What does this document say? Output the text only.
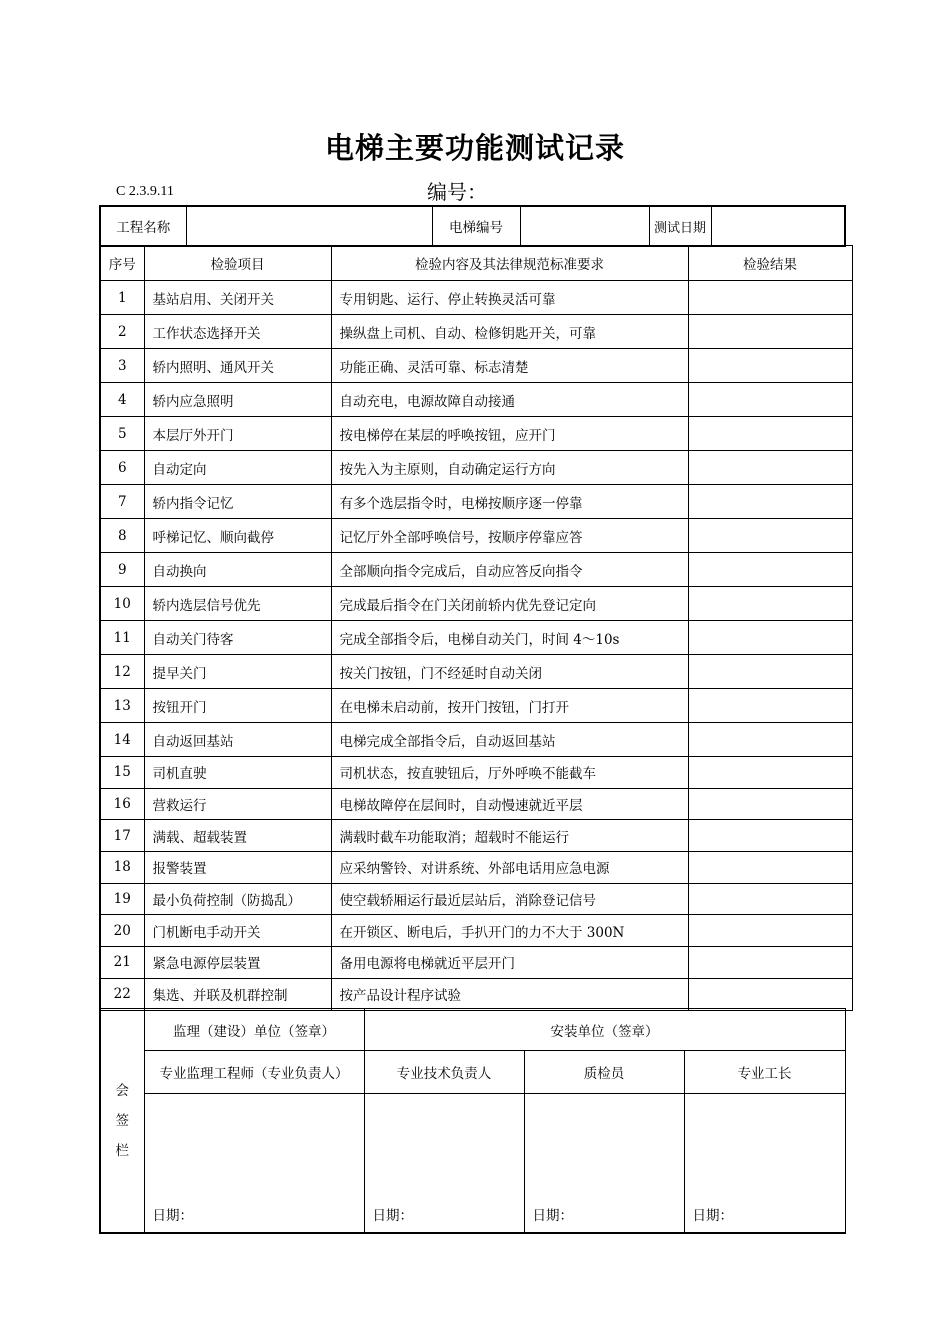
电梯主要功能测试记录
C 2.3.9.11	编号：
工程名称		电梯编号		测试日期	
序号	检验项目	检验内容及其法律规范标准要求	检验结果
1	基站启用、关闭开关	专用钥匙、运行、停止转换灵活可靠	
2	工作状态选择开关	操纵盘上司机、自动、检修钥匙开关，可靠	
3	轿内照明、通风开关	功能正确、灵活可靠、标志清楚	
4	轿内应急照明	自动充电，电源故障自动接通	
5	本层厅外开门	按电梯停在某层的呼唤按钮，应开门	
6	自动定向	按先入为主原则，自动确定运行方向	
7	轿内指令记忆	有多个选层指令时，电梯按顺序逐一停靠	
8	呼梯记忆、顺向截停	记忆厅外全部呼唤信号，按顺序停靠应答	
9	自动换向	全部顺向指令完成后，自动应答反向指令	
10	轿内选层信号优先	完成最后指令在门关闭前轿内优先登记定向	
11	自动关门待客	完成全部指令后，电梯自动关门，时间 4～10s	
12	提早关门	按关门按钮，门不经延时自动关闭	
13	按钮开门	在电梯未启动前，按开门按钮，门打开	
14	自动返回基站	电梯完成全部指令后，自动返回基站	
15	司机直驶	司机状态，按直驶钮后，厅外呼唤不能截车	
16	营救运行	电梯故障停在层间时，自动慢速就近平层	
17	满载、超载装置	满载时截车功能取消；超载时不能运行	
18	报警装置	应采纳警铃、对讲系统、外部电话用应急电源	
19	最小负荷控制（防捣乱）	使空载轿厢运行最近层站后，消除登记信号	
20	门机断电手动开关	在开锁区、断电后，手扒开门的力不大于 300N	
21	紧急电源停层装置	备用电源将电梯就近平层开门	
22	集选、并联及机群控制	按产品设计程序试验	
会
签
栏	监理（建设）单位（签章）	安装单位（签章）		
	专业监理工程师（专业负责人）	专业技术负责人	质检员	专业工长
	日期：	日期：	日期：	日期：
